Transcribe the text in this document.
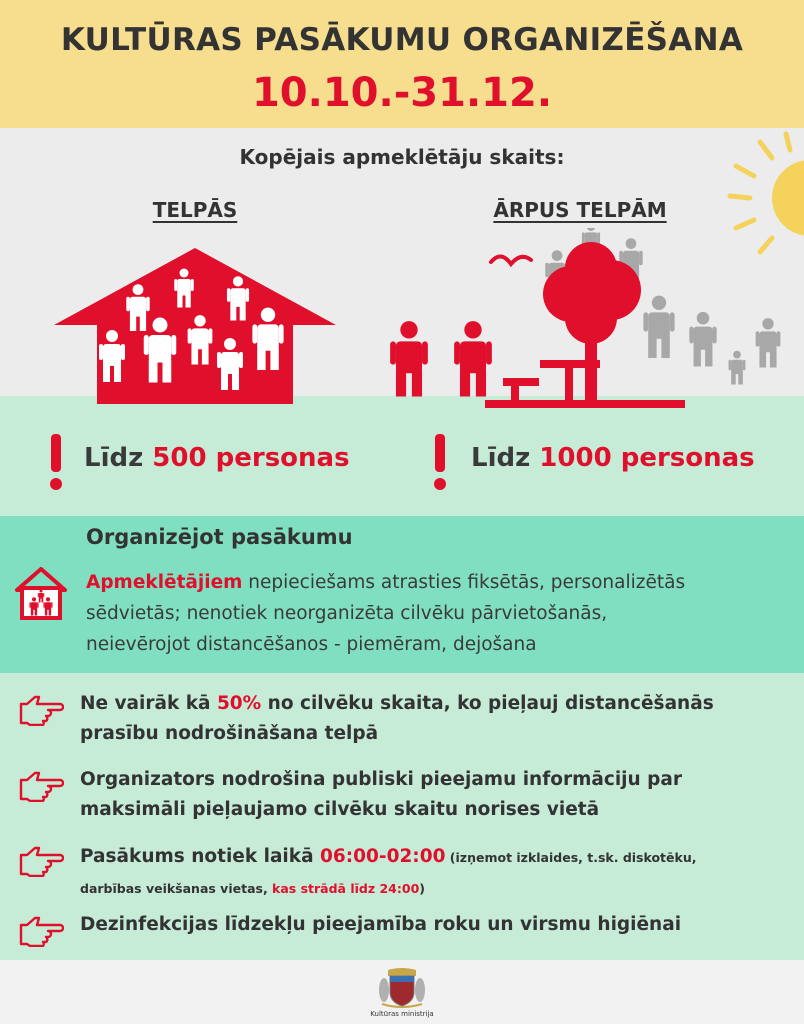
KULTŪRAS PASĀKUMU ORGANIZĒŠANA
10.10.-31.12.
Kopējais apmeklētāju skaits:
TELPĀS	ĀRPUS TELPĀM
Līdz 500 personas	Līdz 1000 personas
Organizējot pasākumu
Apmeklētājiem nepieciešams atrasties fiksētās, personalizētās
sēdvietās; nenotiek neorganizēta cilvēku pārvietošanās,
neievērojot distancēšanos - piemēram, dejošana
Ne vairāk kā 50% no cilvēku skaita, ko pieļauj distancēšanās
prasību nodrošināšana telpā
Organizators nodrošina publiski pieejamu informāciju par
maksimāli pieļaujamo cilvēku skaitu norises vietā
Pasākums notiek laikā 06:00-02:00 (izņemot izklaides, t.sk. diskotēku,
darbības veikšanas vietas, kas strādā līdz 24:00)
Dezinfekcijas līdzekļu pieejamība roku un virsmu higiēnai
Kultūras ministrija
